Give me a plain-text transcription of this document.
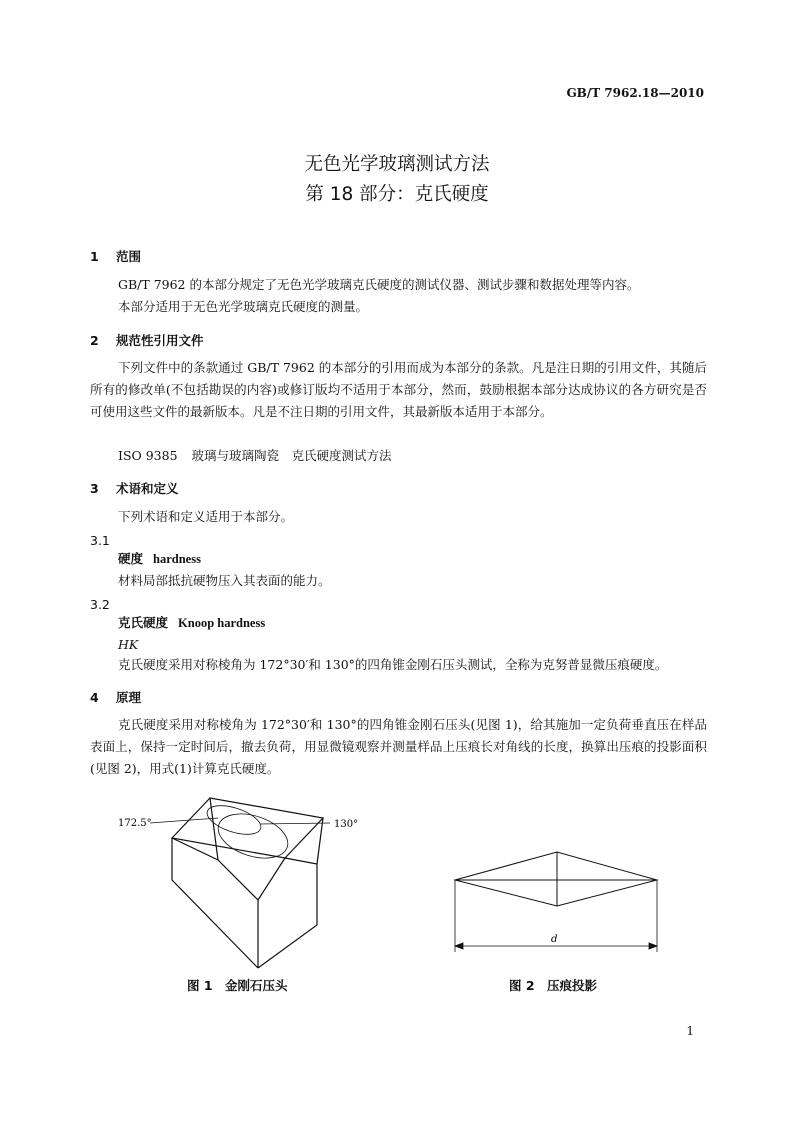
GB/T 7962.18—2010
无色光学玻璃测试方法
第 18 部分：克氏硬度
1 范围
GB/T 7962 的本部分规定了无色光学玻璃克氏硬度的测试仪器、测试步骤和数据处理等内容。
本部分适用于无色光学玻璃克氏硬度的测量。
2 规范性引用文件
下列文件中的条款通过 GB/T 7962 的本部分的引用而成为本部分的条款。凡是注日期的引用文件，其随后所有的修改单(不包括勘误的内容)或修订版均不适用于本部分，然而，鼓励根据本部分达成协议的各方研究是否可使用这些文件的最新版本。凡是不注日期的引用文件，其最新版本适用于本部分。
ISO 9385 玻璃与玻璃陶瓷　克氏硬度测试方法
3 术语和定义
下列术语和定义适用于本部分。
3.1
硬度 hardness
材料局部抵抗硬物压入其表面的能力。
3.2
克氏硬度 Knoop hardness
HK
克氏硬度采用对称棱角为 172°30′和 130°的四角锥金刚石压头测试，全称为克努普显微压痕硬度。
4 原理
克氏硬度采用对称棱角为 172°30′和 130°的四角锥金刚石压头(见图 1)，给其施加一定负荷垂直压在样品表面上，保持一定时间后，撤去负荷，用显微镜观察并测量样品上压痕长对角线的长度，换算出压痕的投影面积(见图 2)，用式(1)计算克氏硬度。
172.5°	130°
d
图 1　金刚石压头	图 2　压痕投影
1
